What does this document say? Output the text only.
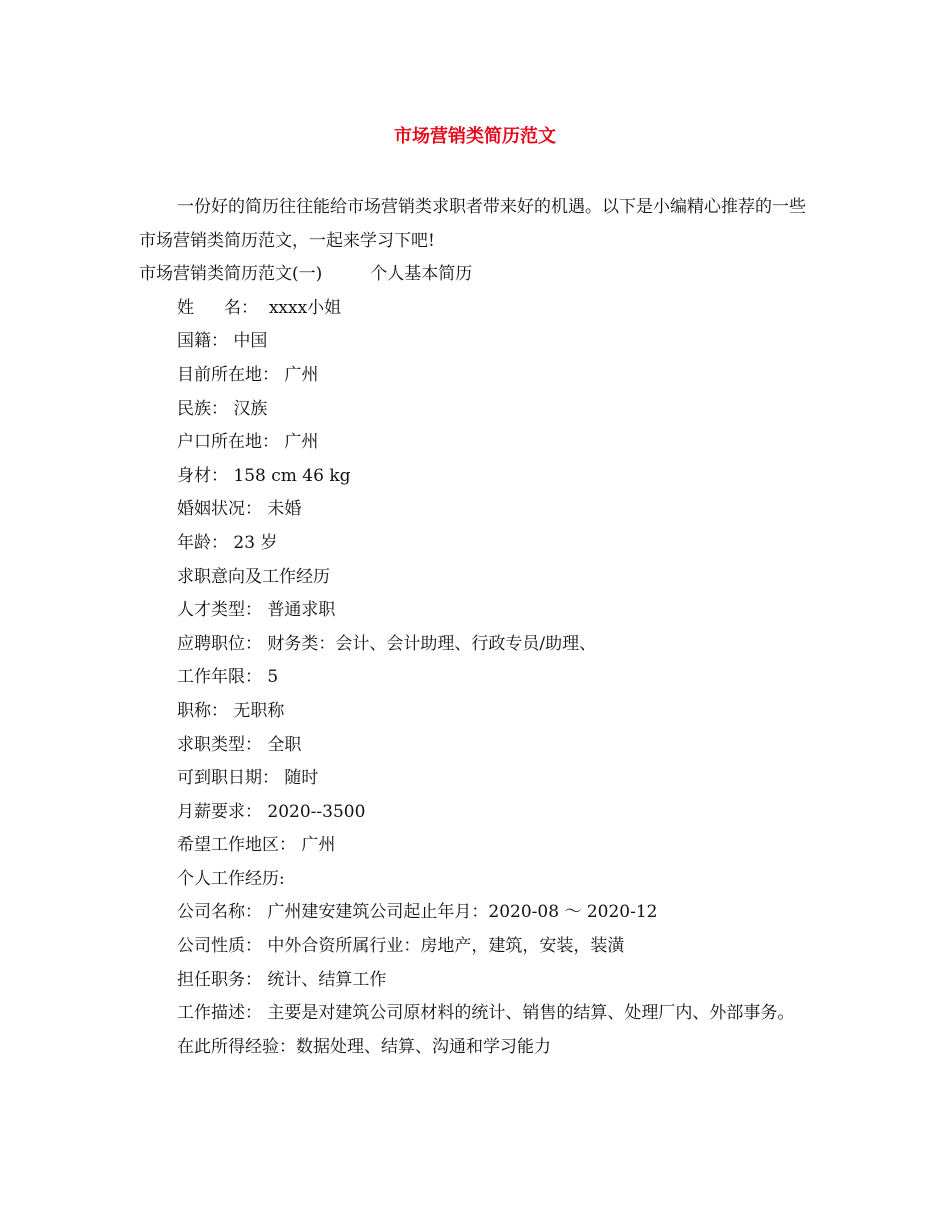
市场营销类简历范文

一份好的简历往往能给市场营销类求职者带来好的机遇。以下是小编精心推荐的一些市场营销类简历范文，一起来学习下吧!

市场营销类简历范文(一)	个人基本简历

姓名： xxxx小姐

国籍： 中国

目前所在地： 广州

民族： 汉族

户口所在地： 广州

身材： 158 cm 46 kg

婚姻状况： 未婚

年龄： 23 岁

求职意向及工作经历

人才类型： 普通求职

应聘职位： 财务类：会计、会计助理、行政专员/助理、

工作年限： 5

职称： 无职称

求职类型： 全职

可到职日期： 随时

月薪要求： 2020--3500

希望工作地区： 广州

个人工作经历:

公司名称： 广州建安建筑公司起止年月：2020-08 ～ 2020-12

公司性质： 中外合资所属行业：房地产，建筑，安装，装潢

担任职务： 统计、结算工作

工作描述： 主要是对建筑公司原材料的统计、销售的结算、处理厂内、外部事务。

在此所得经验：数据处理、结算、沟通和学习能力
